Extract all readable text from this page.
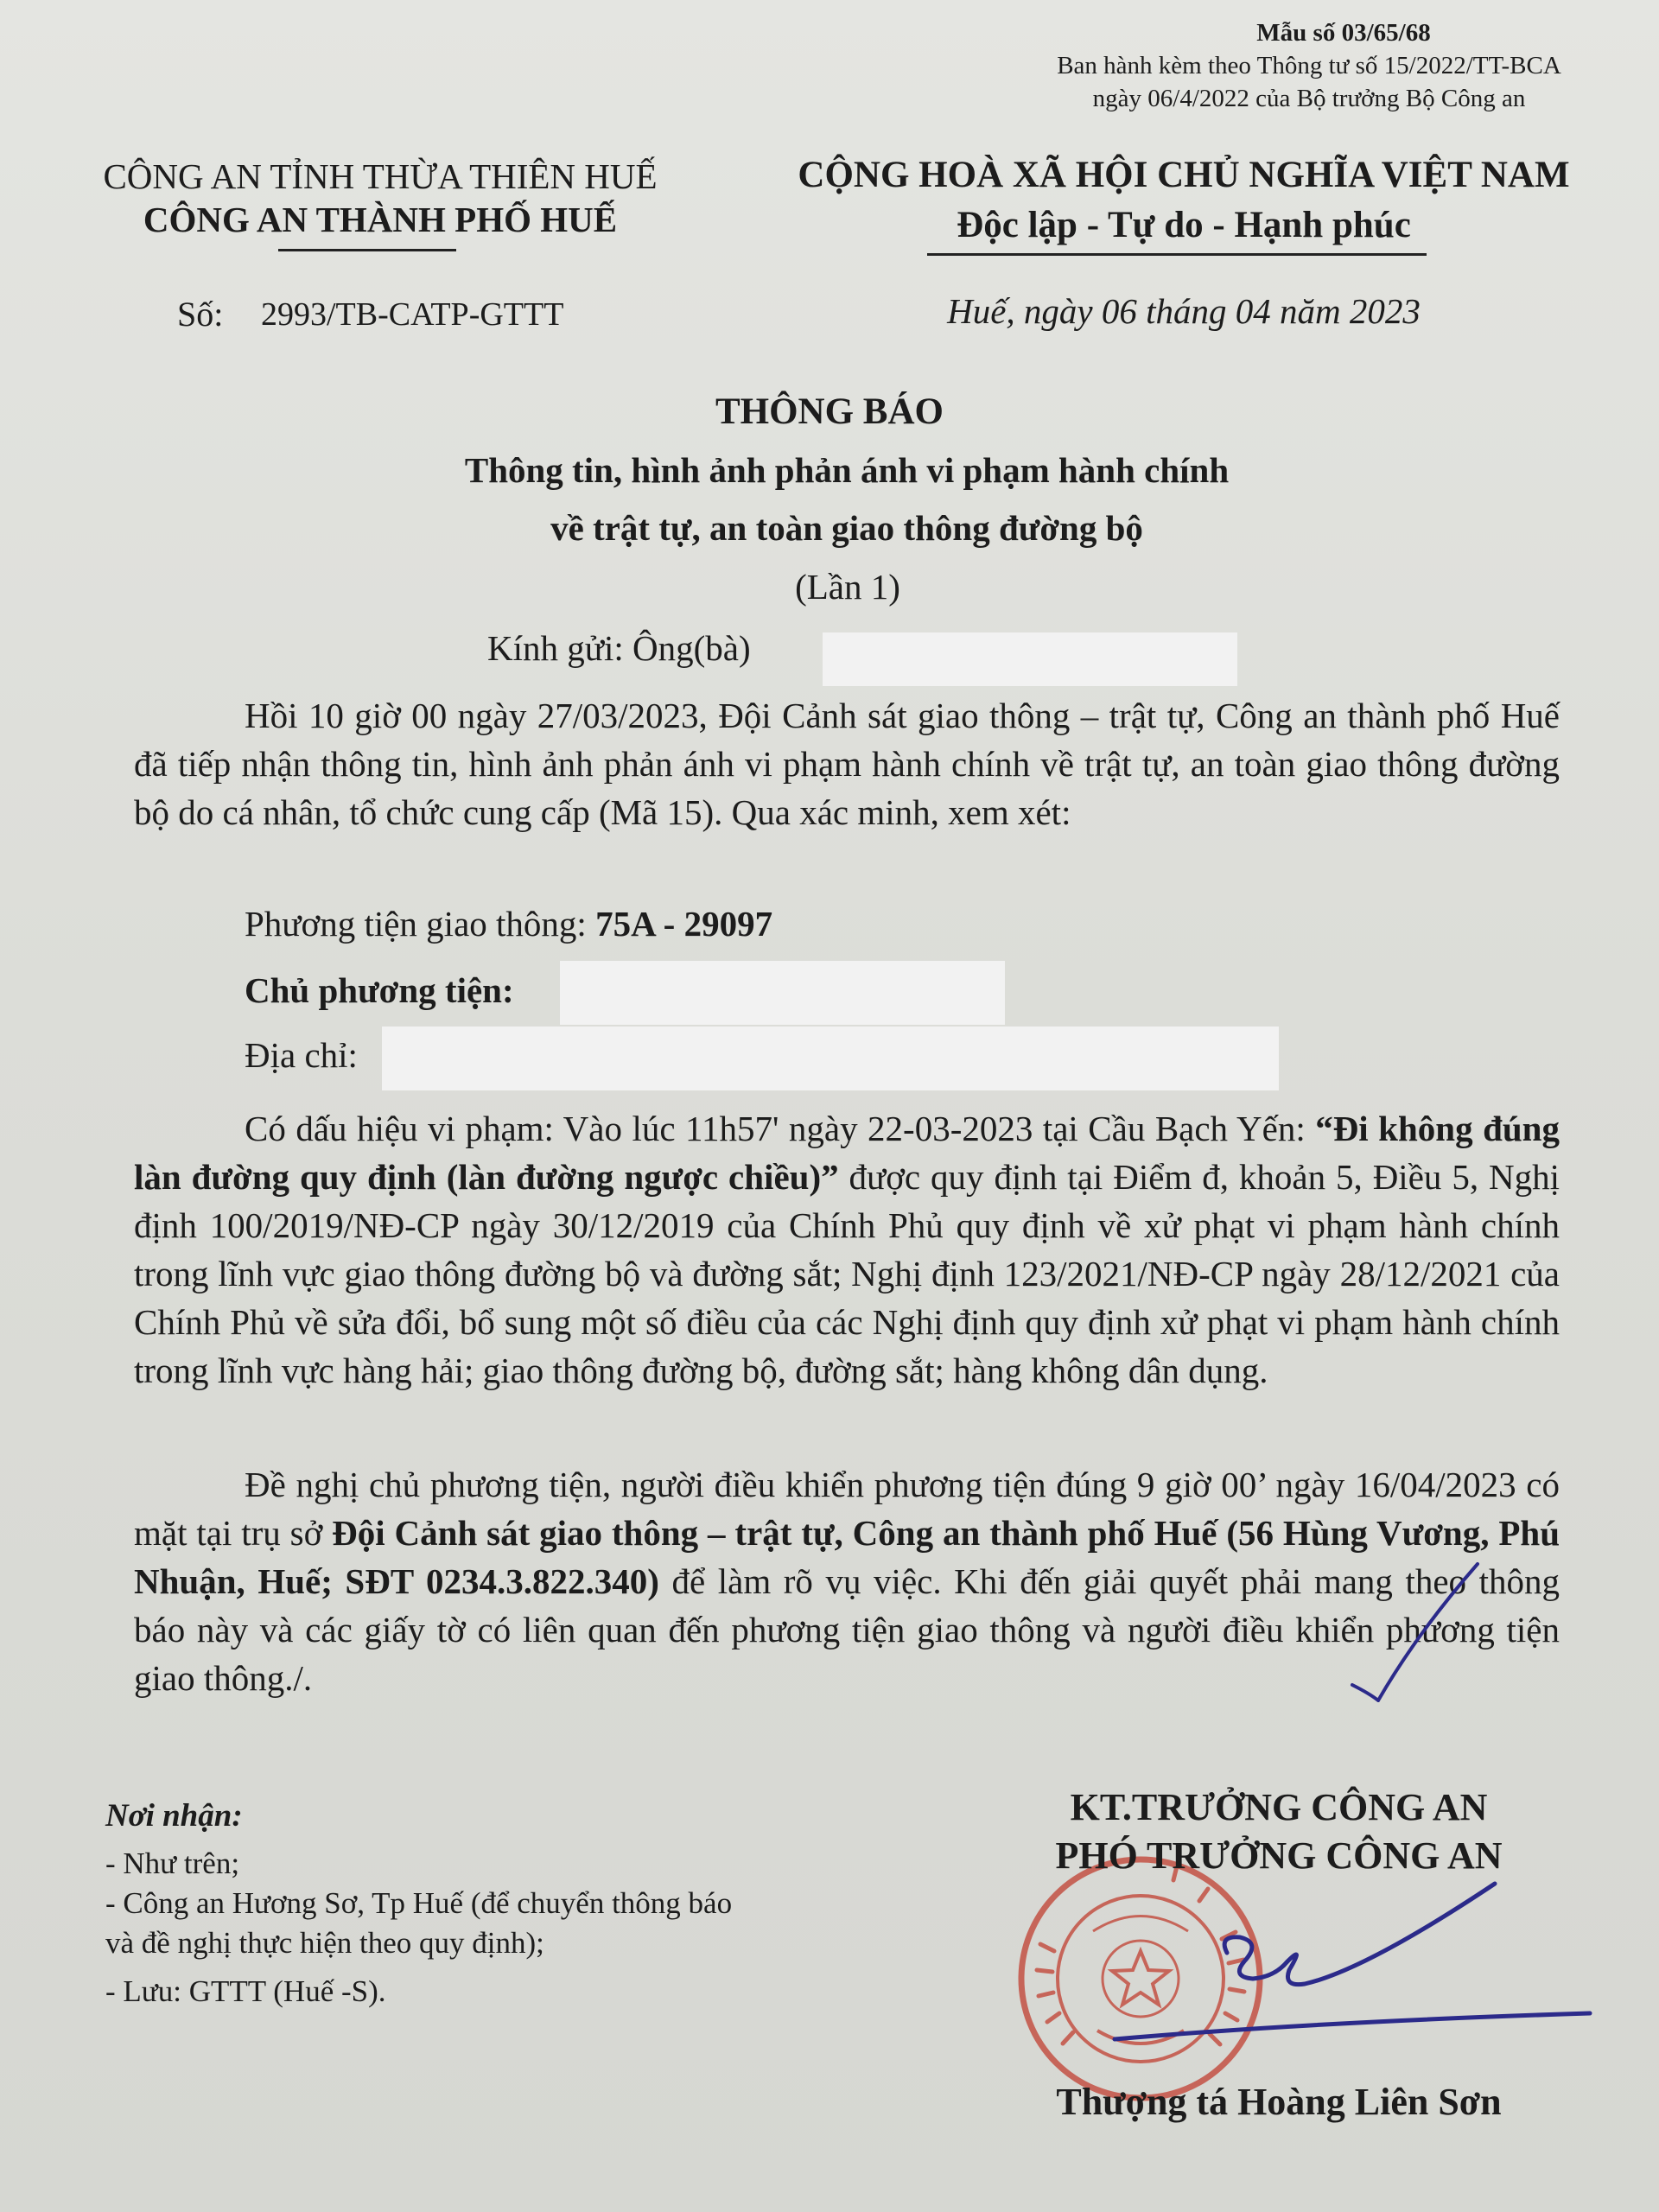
Mẫu số 03/65/68
Ban hành kèm theo Thông tư số 15/2022/TT-BCA
ngày 06/4/2022 của Bộ trưởng Bộ Công an
CÔNG AN TỈNH THỪA THIÊN HUẾ
CÔNG AN THÀNH PHỐ HUẾ
Số: 2993/TB-CATP-GTTT
CỘNG HOÀ XÃ HỘI CHỦ NGHĨA VIỆT NAM
Độc lập - Tự do - Hạnh phúc
Huế, ngày 06 tháng 04 năm 2023
THÔNG BÁO
Thông tin, hình ảnh phản ánh vi phạm hành chính
về trật tự, an toàn giao thông đường bộ
(Lần 1)
Kính gửi: Ông(bà)
Hồi 10 giờ 00 ngày 27/03/2023, Đội Cảnh sát giao thông – trật tự, Công an thành phố Huế đã tiếp nhận thông tin, hình ảnh phản ánh vi phạm hành chính về trật tự, an toàn giao thông đường bộ do cá nhân, tổ chức cung cấp (Mã 15). Qua xác minh, xem xét:
Phương tiện giao thông: 75A - 29097
Chủ phương tiện:
Địa chỉ:
Có dấu hiệu vi phạm: Vào lúc 11h57' ngày 22-03-2023 tại Cầu Bạch Yến: “Đi không đúng làn đường quy định (làn đường ngược chiều)” được quy định tại Điểm đ, khoản 5, Điều 5, Nghị định 100/2019/NĐ-CP ngày 30/12/2019 của Chính Phủ quy định về xử phạt vi phạm hành chính trong lĩnh vực giao thông đường bộ và đường sắt; Nghị định 123/2021/NĐ-CP ngày 28/12/2021 của Chính Phủ về sửa đổi, bổ sung một số điều của các Nghị định quy định xử phạt vi phạm hành chính trong lĩnh vực hàng hải; giao thông đường bộ, đường sắt; hàng không dân dụng.
Đề nghị chủ phương tiện, người điều khiển phương tiện đúng 9 giờ 00’ ngày 16/04/2023 có mặt tại trụ sở Đội Cảnh sát giao thông – trật tự, Công an thành phố Huế (56 Hùng Vương, Phú Nhuận, Huế; SĐT 0234.3.822.340) để làm rõ vụ việc. Khi đến giải quyết phải mang theo thông báo này và các giấy tờ có liên quan đến phương tiện giao thông và người điều khiển phương tiện giao thông./.
Nơi nhận:
- Như trên;
- Công an Hương Sơ, Tp Huế (để chuyển thông báo
và đề nghị thực hiện theo quy định);
- Lưu: GTTT (Huế -S).
KT.TRƯỞNG CÔNG AN
PHÓ TRƯỞNG CÔNG AN
Thượng tá Hoàng Liên Sơn
